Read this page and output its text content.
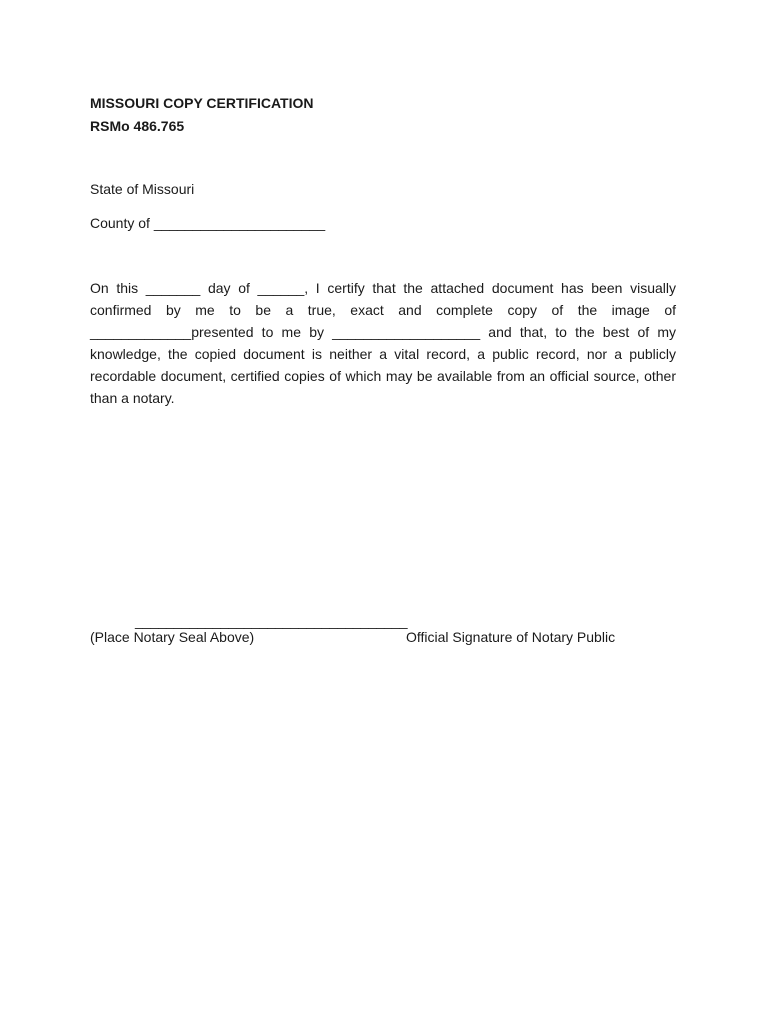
MISSOURI COPY CERTIFICATION
RSMo 486.765
State of Missouri
County of ______________________
On this _______ day of ______, I certify that the attached document has been visually confirmed by me to be a true, exact and complete copy of the image of _____________presented to me by ___________________ and that, to the best of my knowledge, the copied document is neither a vital record, a public record, nor a publicly recordable document, certified copies of which may be available from an official source, other than a notary.
___________________________________
(Place Notary Seal Above)	Official Signature of Notary Public
